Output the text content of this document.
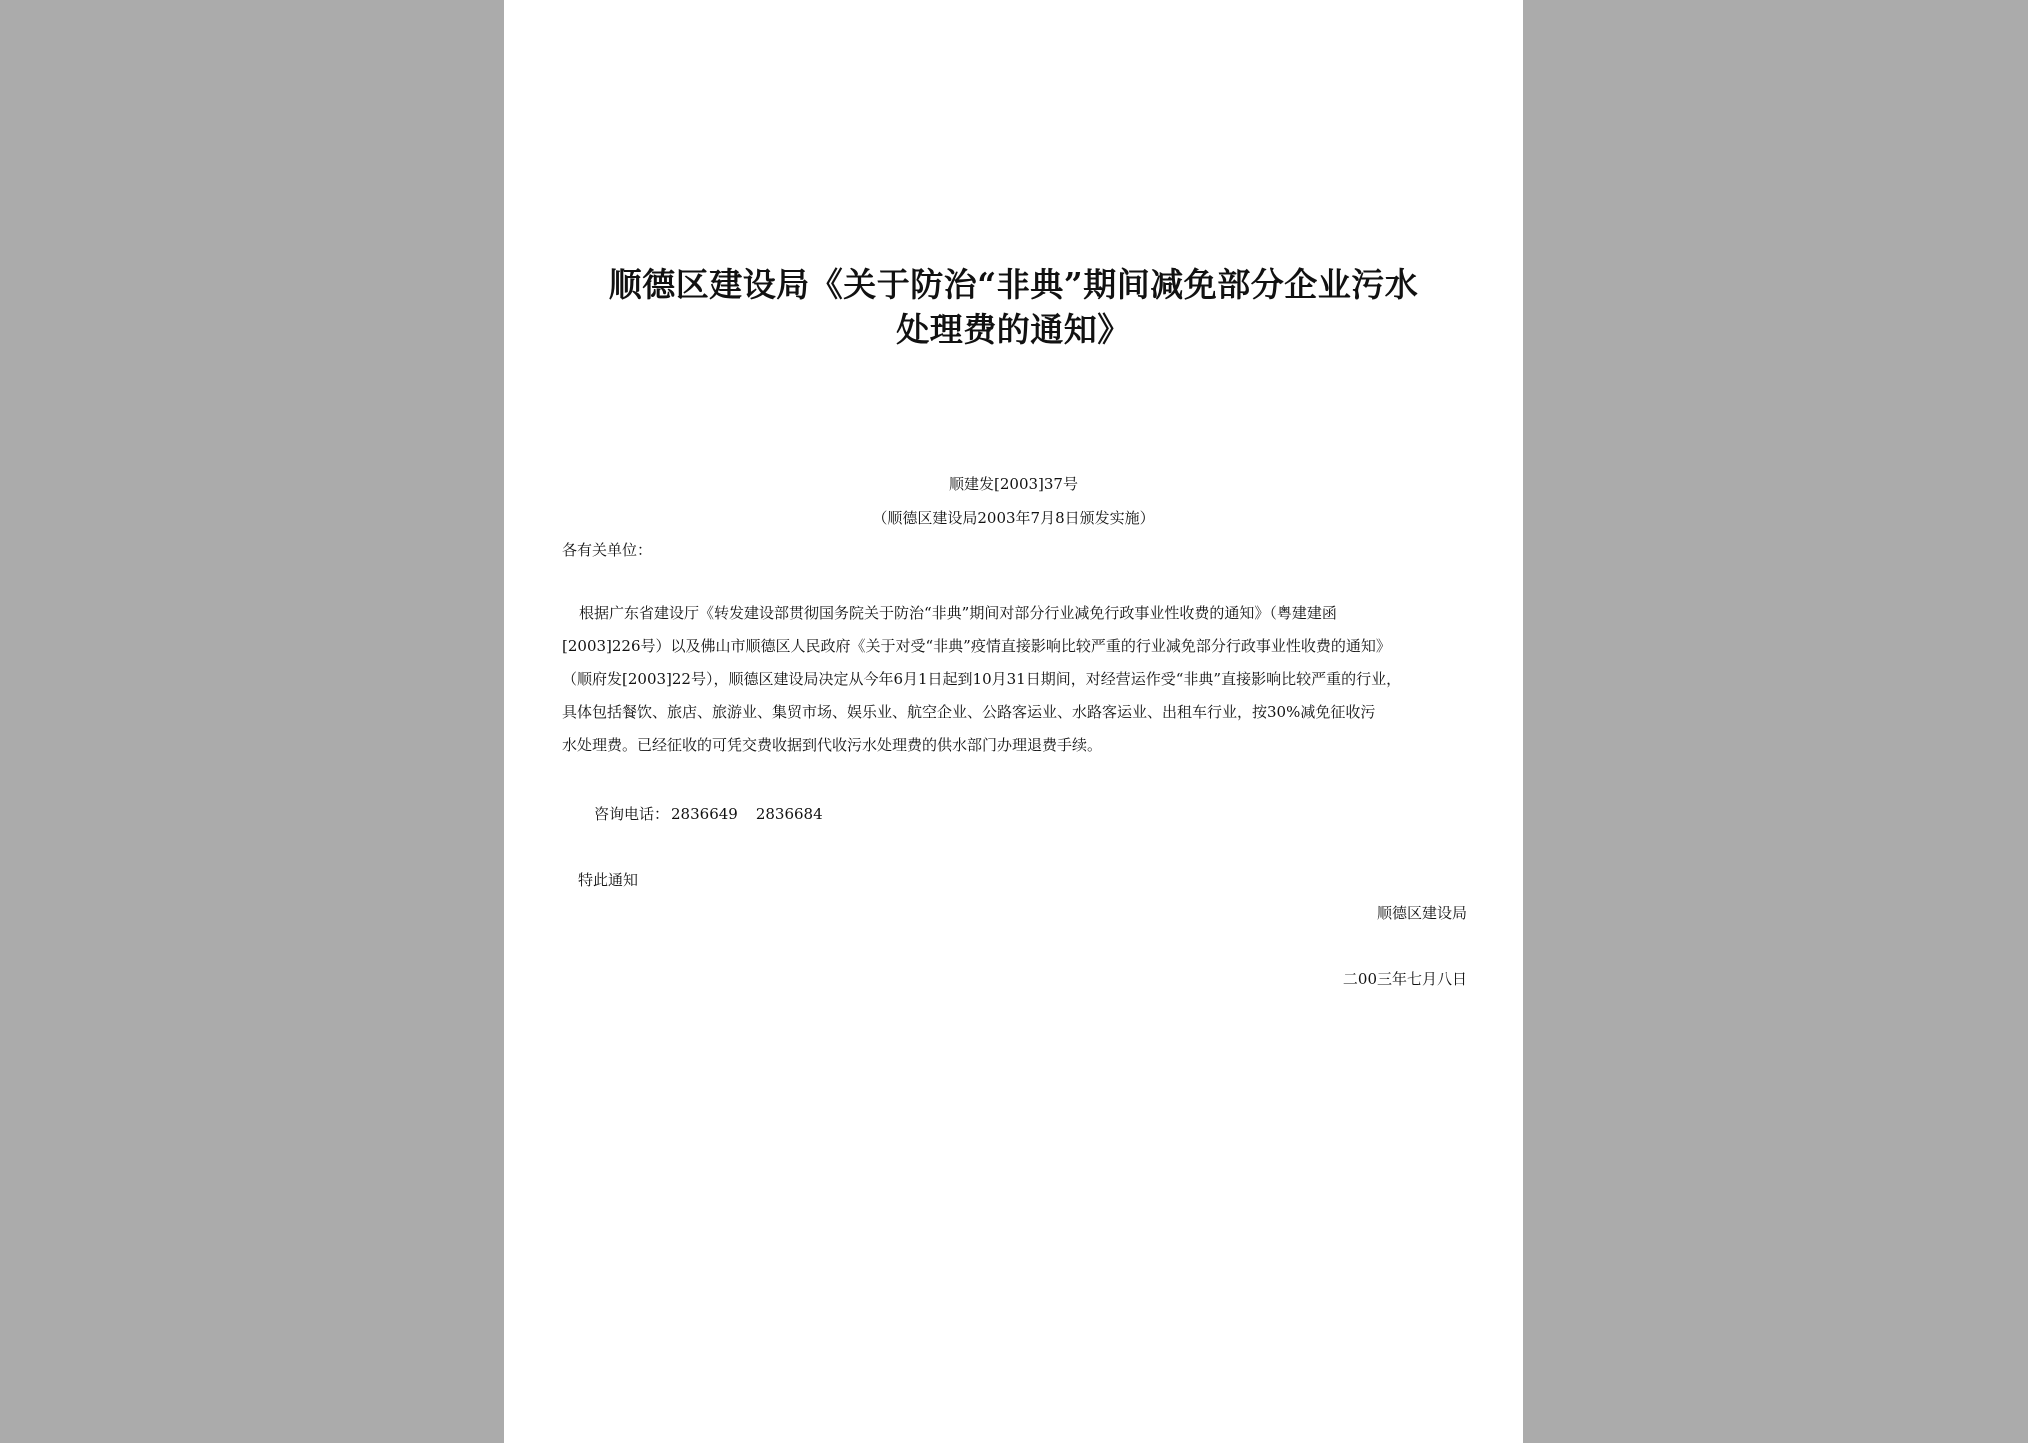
顺德区建设局《关于防治“非典”期间减免部分企业污水
处理费的通知》
顺建发[2003]37号
（顺德区建设局2003年7月8日颁发实施）
各有关单位：
根据广东省建设厅《转发建设部贯彻国务院关于防治“非典”期间对部分行业减免行政事业性收费的通知》（粤建建函
[2003]226号）以及佛山市顺德区人民政府《关于对受“非典”疫情直接影响比较严重的行业减免部分行政事业性收费的通知》
（顺府发[2003]22号），顺德区建设局决定从今年6月1日起到10月31日期间，对经营运作受“非典”直接影响比较严重的行业，
具体包括餐饮、旅店、旅游业、集贸市场、娱乐业、航空企业、公路客运业、水路客运业、出租车行业，按30%减免征收污
水处理费。已经征收的可凭交费收据到代收污水处理费的供水部门办理退费手续。
咨询电话： 2836649 2836684
特此通知
顺德区建设局
二00三年七月八日
